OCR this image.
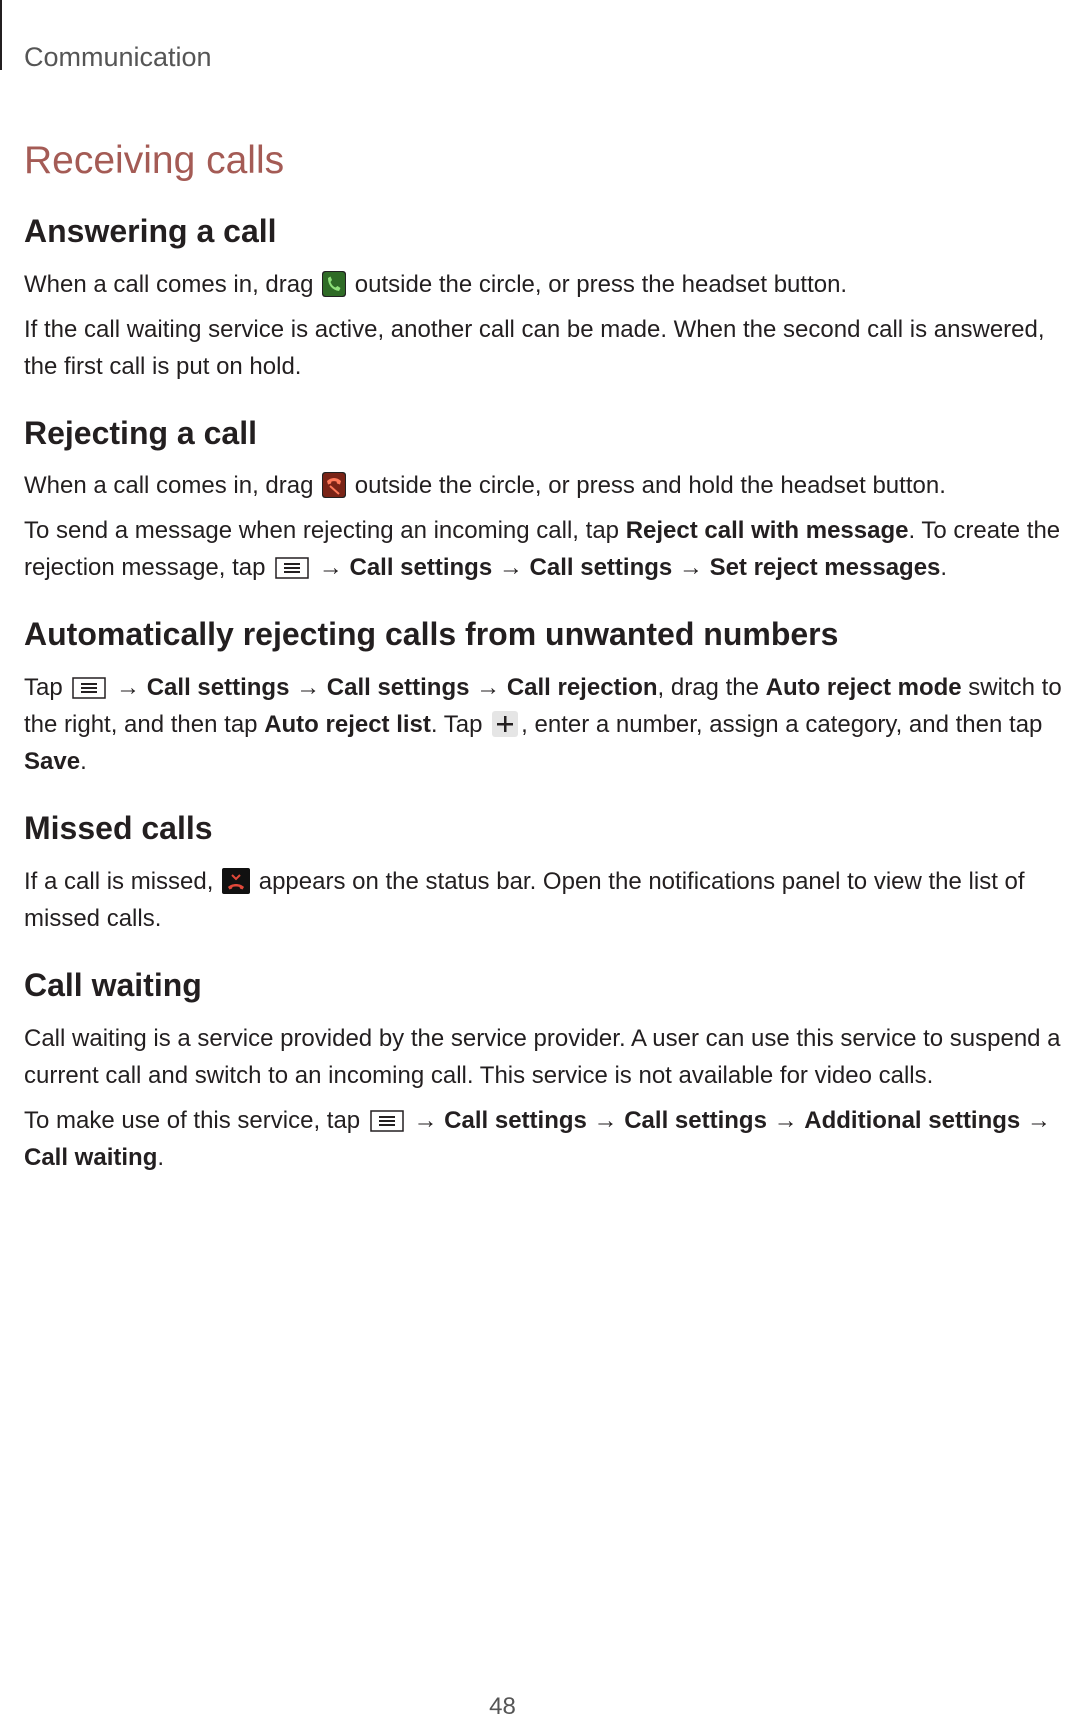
Communication
Receiving calls
Answering a call

When a call comes in, drag
outside the circle, or press the headset button.

If the call waiting service is active, another call can be made. When the second call is answered, the first call is put on hold.

Rejecting a call

When a call comes in, drag
outside the circle, or press and hold the headset button.

To send a message when rejecting an incoming call, tap Reject call with message. To create the rejection message, tap  → Call settings → Call settings → Set reject messages.

Automatically rejecting calls from unwanted numbers

Tap  → Call settings → Call settings → Call rejection, drag the Auto reject mode switch to the right, and then tap Auto reject list. Tap , enter a number, assign a category, and then tap Save.

Missed calls

If a call is missed,
appears on the status bar. Open the notifications panel to view the list of missed calls.

Call waiting

Call waiting is a service provided by the service provider. A user can use this service to suspend a current call and switch to an incoming call. This service is not available for video calls.

To make use of this service, tap  → Call settings → Call settings → Additional settings → Call waiting.

48
